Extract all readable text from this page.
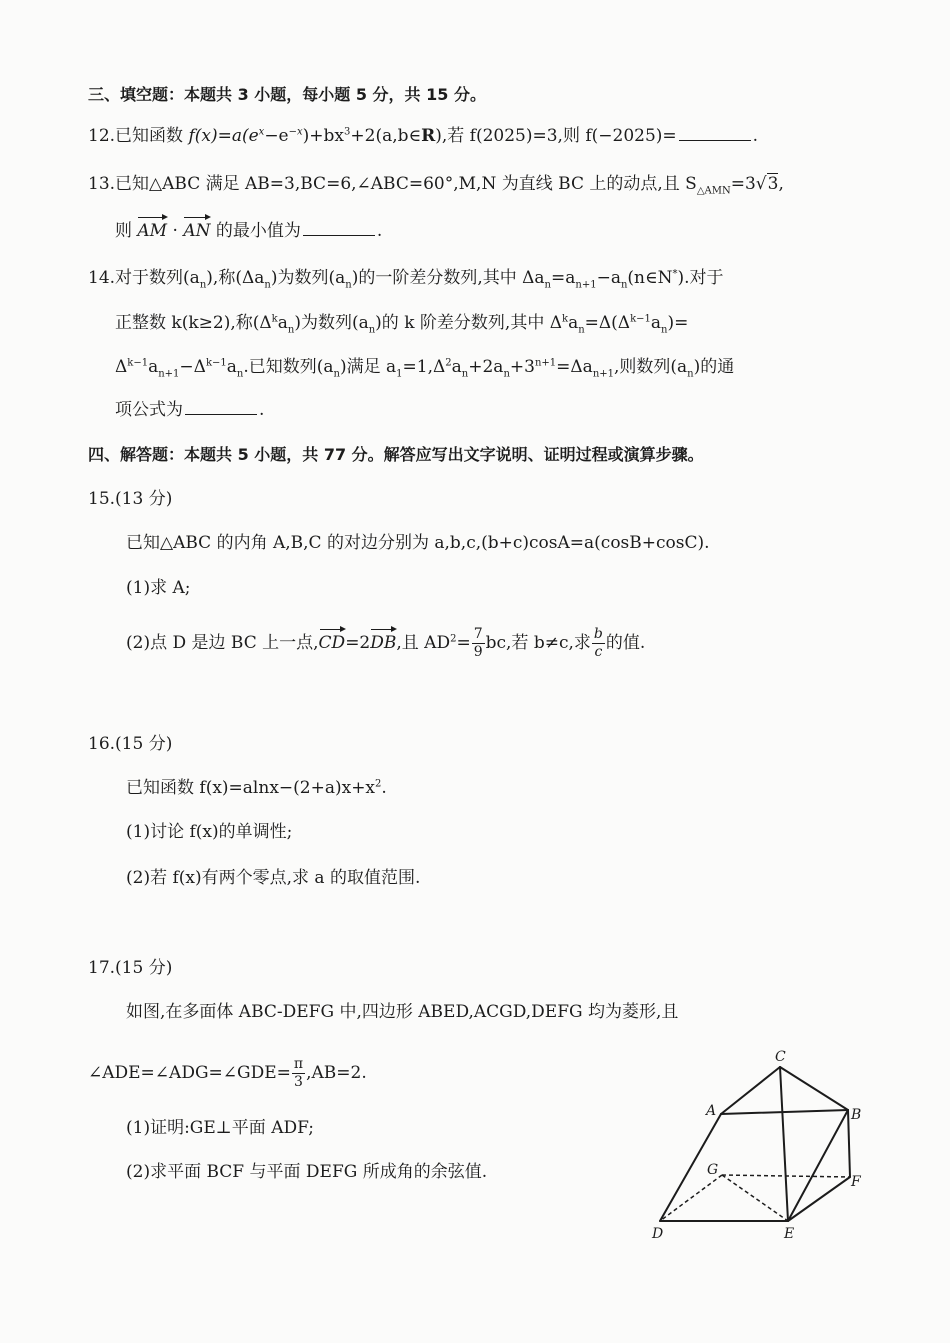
三、填空题：本题共 3 小题，每小题 5 分，共 15 分。
12.已知函数 $f(x)=a(e^x-e^{-x})+bx^3+2(a,b\in R)$,若 f(2025)=3,则 f(−2025)=	.
13.已知△ABC 满足 AB=3,BC=6,∠ABC=60°,M,N 为直线 BC 上的动点,且 $S_{\triangle AMN}=3√3$,
则 AM · AN 的最小值为	.
14.对于数列$(a_n)$,称$(\Delta a_n)$为数列$(a_n)$的一阶差分数列,其中 $\Delta a_n=a_{n+1}-a_n(n\in N^*)$.对于
正整数 k(k≥2),称$(\Delta^ka_n)$为数列$(a_n)$的 k 阶差分数列,其中 $\Delta^ka_n=\Delta(\Delta^{k-1}a_n)=$
$\Delta^{k-1}a_{n+1}-\Delta^{k-1}a_n$.已知数列$(a_n)$满足 $a_1=1,\Delta^2a_n+2a_n+3^{n+1}=\Delta a_{n+1}$,则数列$(a_n)$的通
项公式为	.
四、解答题：本题共 5 小题，共 77 分。解答应写出文字说明、证明过程或演算步骤。
15.(13 分)
已知△ABC 的内角 A,B,C 的对边分别为 a,b,c,(b+c)cosA=a(cosB+cosC).
(1)求 A;
(2)点 D 是边 BC 上一点,CD=2DB,且 $AD^2= \frac{7}{9}$ bc,若 b≠c,求 $\frac{b}{c}$ 的值.
16.(15 分)
已知函数 $f(x)=alnx-(2+a)x+x^2$.
(1)讨论 f(x)的单调性;
(2)若 f(x)有两个零点,求 a 的取值范围.
17.(15 分)
如图,在多面体 ABC-DEFG 中,四边形 ABED,ACGD,DEFG 均为菱形,且
∠ADE=∠ADG=∠GDE= $\frac{\pi}{3} ,AB=2$.
(1)证明:GE⊥平面 ADF;
(2)求平面 BCF 与平面 DEFG 所成角的余弦值.
C
A	B
G
F
D	E
